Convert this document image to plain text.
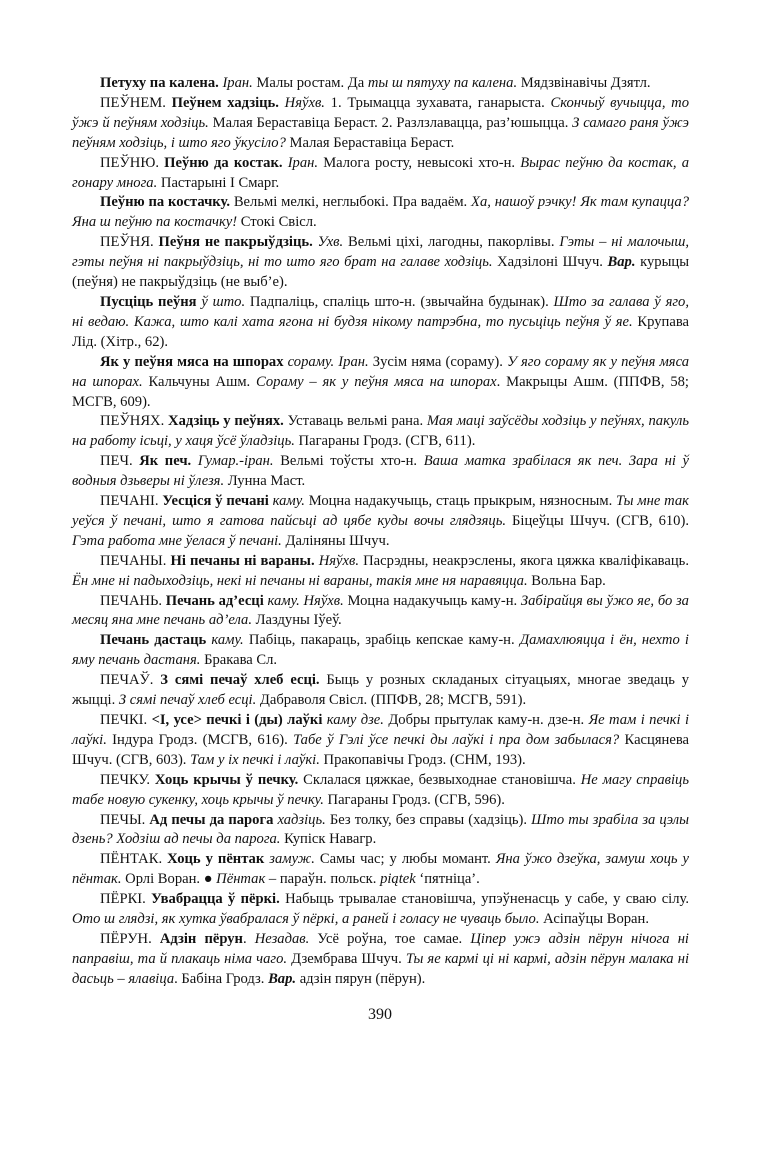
Петуху па калена. Іран. Малы ростам. Да ты ш пятуху па калена. Мядзвінавічы Дзятл.

ПЕЎНЕМ. Пеўнем хадзіць. Няўхв. 1. Трымацца зухавата, ганарыста. Скончыў вучыцца, то ўжэ й пеўням ходзіць. Малая Бераставіца Берaст. 2. Разлзлавацца, раз’юшыцца. З самаго раня ўжэ пеўням ходзіць, і што яго ўкусіло? Малая Бераставіца Берaст.

ПЕЎНЮ. Пеўню да костак. Іран. Малога росту, невысокі хто-н. Вырас пеўню да костак, а гонару многа. Пастарыні І Смарг.

Пеўню па костачку. Вельмі мелкі, неглыбокі. Пра вадаём. Ха, нашоў рэчку! Як там купацца? Яна ш пеўню па костачку! Стокі Свісл.

ПЕЎНЯ. Пеўня не пакрыўдзіць. Ухв. Вельмі ціхі, лагодны, пакорлівы. Гэты – ні малочыш, гэты пеўня ні пакрыўдзіць, ні то што яго брат на галаве ходзіць. Хадзілоні Шчуч. Вар. курыцы (пеўня) не пакрыўдзіць (не выб’е).

Пусціць пеўня ў што. Падпаліць, спаліць што-н. (звычайна будынак). Што за галава ў яго, ні ведаю. Кажа, што калі хата ягона ні будзя нікому патрэбна, то пусьціць пеўня ў яе. Крупава Лід. (Хітр., 62).

Як у пеўня мяса на шпорах сораму. Іран. Зусім няма (сораму). У яго сораму як у пеўня мяса на шпорах. Кальчуны Ашм. Сораму – як у пеўня мяса на шпорах. Макрыцы Ашм. (ППФВ, 58; МСГВ, 609).

ПЕЎНЯХ. Хадзіць у пеўнях. Уставаць вельмі рана. Мая маці заўсёды ходзіць у пеўнях, пакуль на работу ісьці, у хаця ўсё ўладзіць. Пагараны Гродз. (СГВ, 611).

ПЕЧ. Як печ. Гумар.-іран. Вельмі тоўсты хто-н. Ваша матка зрабілася як печ. Зара ні ў водныя дзьверы ні ўлезя. Лунна Маст.

ПЕЧАНІ. Уесціся ў печані каму. Моцна надакучыць, стаць прыкрым, нязносным. Ты мне так уеўся ў печані, што я гатова пайсьці ад цябе куды вочы глядзяць. Біцеўцы Шчуч. (СГВ, 610). Гэта работа мне ўелася ў печані. Даліняны Шчуч.

ПЕЧАНЫ. Ні печаны ні вараны. Няўхв. Пасрэдны, неакрэслены, якога цяжка кваліфікаваць. Ён мне ні падыходзіць, некі ні печаны ні вараны, такія мне ня наравяцца. Вольна Бар.

ПЕЧАНЬ. Печань ад’есці каму. Няўхв. Моцна надакучыць каму-н. Забірайця вы ўжо яе, бо за месяц яна мне печань ад’ела. Лаздуны Іўеў.

Печань дастаць каму. Пабіць, пакараць, зрабіць кепскае каму-н. Дамахлюяцца і ён, нехто і яму печань дастаня. Бракава Сл.

ПЕЧАЎ. З сямі печаў хлеб есці. Быць у розных складаных сітуацыях, многае зведаць у жыцці. З сямі печаў хлеб есці. Дабраволя Свісл. (ППФВ, 28; МСГВ, 591).

ПЕЧКІ. <І, усе> печкі і (ды) лаўкі каму дзе. Добры прытулак каму-н. дзе-н. Яе там і печкі і лаўкі. Індура Гродз. (МСГВ, 616). Табе ў Гэлі ўсе печкі ды лаўкі і пра дом забылася? Касцянева Шчуч. (СГВ, 603). Там у іх печкі і лаўкі. Пракопавічы Гродз. (СНМ, 193).

ПЕЧКУ. Хоць крычы ў печку. Склалася цяжкае, безвыходнае становішча. Не магу справіць табе новую сукенку, хоць крычы ў печку. Пагараны Гродз. (СГВ, 596).

ПЕЧЫ. Ад печы да парога хадзіць. Без толку, без справы (хадзіць). Што ты зрабіла за цэлы дзень? Ходзіш ад печы да парога. Купіск Навагр.

ПЁНТАК. Хоць у пёнтак замуж. Самы час; у любы момант. Яна ўжо дзеўка, замуш хоць у пёнтак. Орлі Воран. ● Пёнтак – параўн. польск. piątek ‘пятніца’.

ПЁРКІ. Увабрацца ў пёркі. Набыць трывалае становішча, упэўненасць у сабе, у сваю сілу. Ото ш глядзі, як хутка ўвабралася ў пёркі, а раней і голасу не чуваць было. Асіпаўцы Воран.

ПЁРУН. Адзін пёрун. Незадав. Усё роўна, тое самае. Ціпер ужэ адзін пёрун нічога ні паправіш, та й плакаць німа чаго. Дзембрава Шчуч. Ты яе кармі ці ні кармі, адзін пёрун малака ні дасьць – ялавіца. Бабіна Гродз. Вар. адзін пярун (пёрун).

390
